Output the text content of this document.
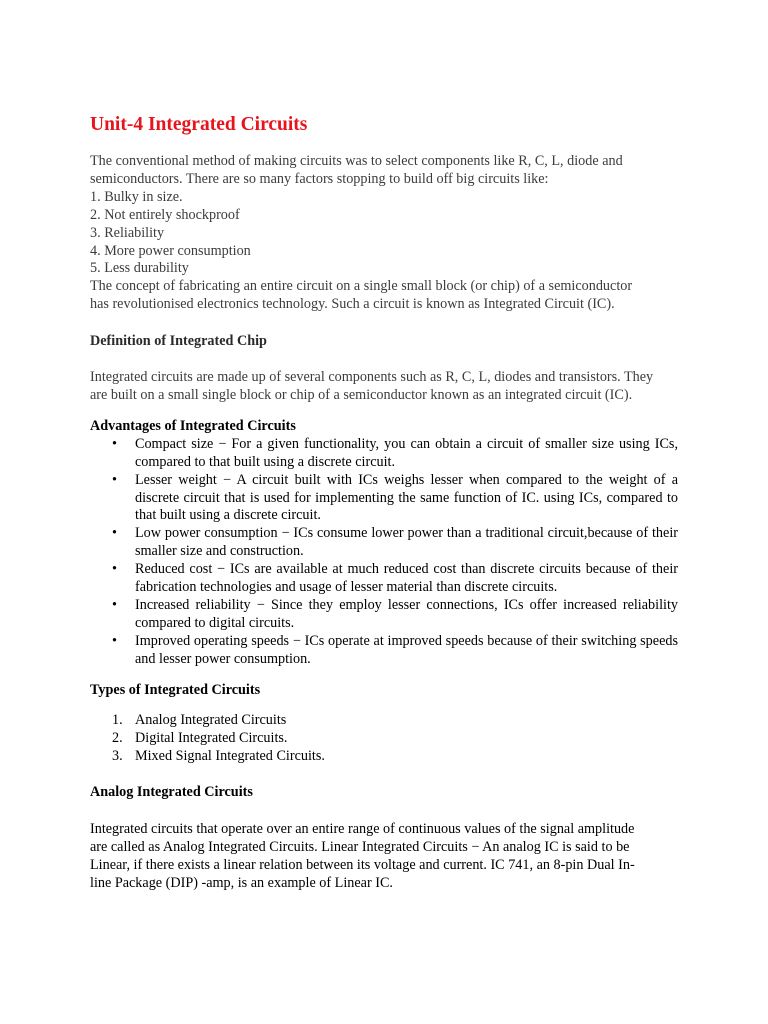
Unit-4 Integrated Circuits

The conventional method of making circuits was to select components like R, C, L, diode and

semiconductors. There are so many factors stopping to build off big circuits like:

1. Bulky in size.

2. Not entirely shockproof

3. Reliability

4. More power consumption

5. Less durability

The concept of fabricating an entire circuit on a single small block (or chip) of a semiconductor

has revolutionised electronics technology. Such a circuit is known as Integrated Circuit (IC).

Definition of Integrated Chip

Integrated circuits are made up of several components such as R, C, L, diodes and transistors. They are built on a small single block or chip of a semiconductor known as an integrated circuit (IC).

Advantages of Integrated Circuits
• Compact size − For a given functionality, you can obtain a circuit of smaller size using ICs, compared to that built using a discrete circuit.
• Lesser weight − A circuit built with ICs weighs lesser when compared to the weight of a discrete circuit that is used for implementing the same function of IC. using ICs, compared to that built using a discrete circuit.
• Low power consumption − ICs consume lower power than a traditional circuit,because of their smaller size and construction.
• Reduced cost − ICs are available at much reduced cost than discrete circuits because of their fabrication technologies and usage of lesser material than discrete circuits.
• Increased reliability − Since they employ lesser connections, ICs offer increased reliability compared to digital circuits.
• Improved operating speeds − ICs operate at improved speeds because of their switching speeds and lesser power consumption.
Types of Integrated Circuits
1. Analog Integrated Circuits
2. Digital Integrated Circuits.
3. Mixed Signal Integrated Circuits.
Analog Integrated Circuits

Integrated circuits that operate over an entire range of continuous values of the signal amplitude

are called as Analog Integrated Circuits. Linear Integrated Circuits − An analog IC is said to be

Linear, if there exists a linear relation between its voltage and current. IC 741, an 8-pin Dual In-

line Package (DIP) -amp, is an example of Linear IC.
